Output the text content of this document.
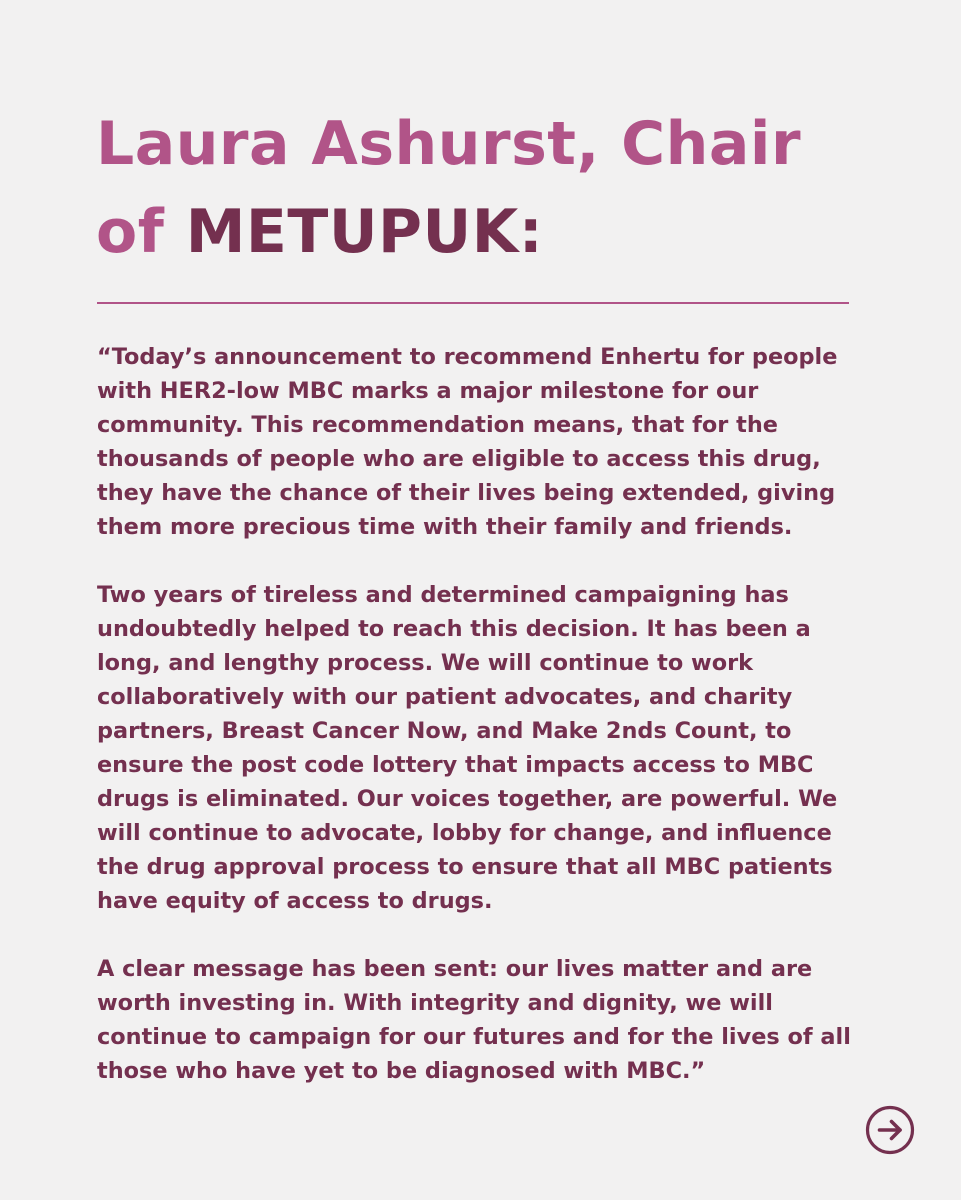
Laura Ashurst, Chair
of METUPUK:

“Today’s announcement to recommend Enhertu for people with HER2-low MBC marks a major milestone for our community. This recommendation means, that for the thousands of people who are eligible to access this drug, they have the chance of their lives being extended, giving them more precious time with their family and friends.

Two years of tireless and determined campaigning has undoubtedly helped to reach this decision. It has been a long, and lengthy process. We will continue to work collaboratively with our patient advocates, and charity partners, Breast Cancer Now, and Make 2nds Count, to ensure the post code lottery that impacts access to MBC drugs is eliminated. Our voices together, are powerful. We will continue to advocate, lobby for change, and influence the drug approval process to ensure that all MBC patients have equity of access to drugs.

A clear message has been sent: our lives matter and are worth investing in. With integrity and dignity, we will continue to campaign for our futures and for the lives of all those who have yet to be diagnosed with MBC.”
